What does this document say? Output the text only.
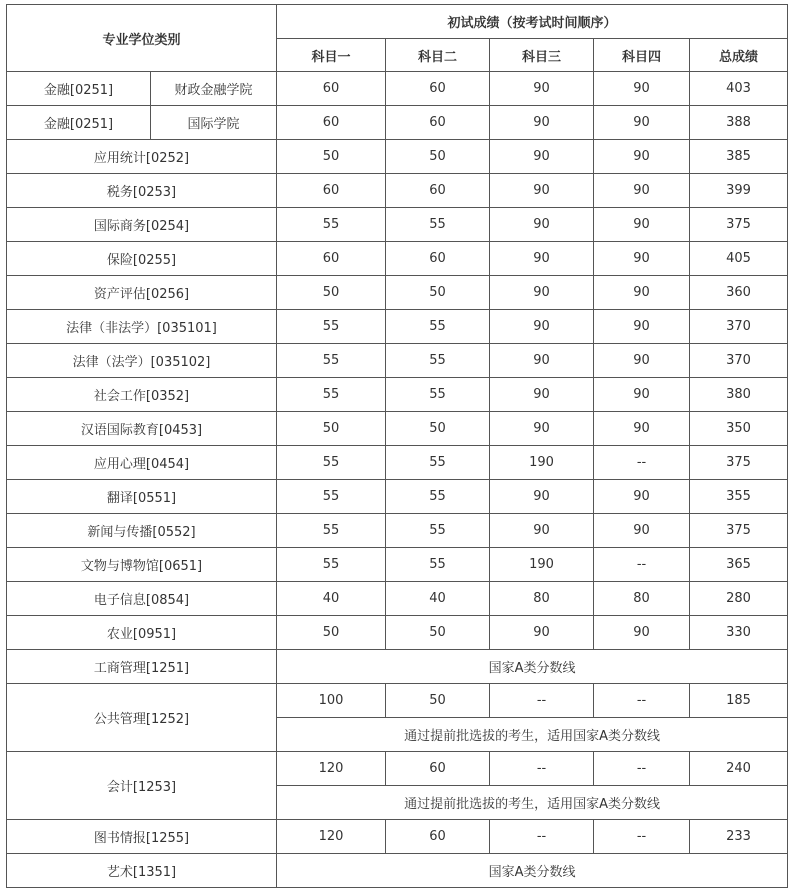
专业学位类别		初试成绩（按考试时间顺序）				
		科目一	科目二	科目三	科目四	总成绩
金融[0251]	财政金融学院	60	60	90	90	403
金融[0251]	国际学院	60	60	90	90	388
应用统计[0252]		50	50	90	90	385
税务[0253]		60	60	90	90	399
国际商务[0254]		55	55	90	90	375
保险[0255]		60	60	90	90	405
资产评估[0256]		50	50	90	90	360
法律（非法学）[035101]		55	55	90	90	370
法律（法学）[035102]		55	55	90	90	370
社会工作[0352]		55	55	90	90	380
汉语国际教育[0453]		50	50	90	90	350
应用心理[0454]		55	55	190	--	375
翻译[0551]		55	55	90	90	355
新闻与传播[0552]		55	55	90	90	375
文物与博物馆[0651]		55	55	190	--	365
电子信息[0854]		40	40	80	80	280
农业[0951]		50	50	90	90	330
工商管理[1251]		国家A类分数线				
公共管理[1252]		100	50	--	--	185
		通过提前批选拔的考生，适用国家A类分数线				
会计[1253]		120	60	--	--	240
		通过提前批选拔的考生，适用国家A类分数线				
图书情报[1255]		120	60	--	--	233
艺术[1351]		国家A类分数线				
